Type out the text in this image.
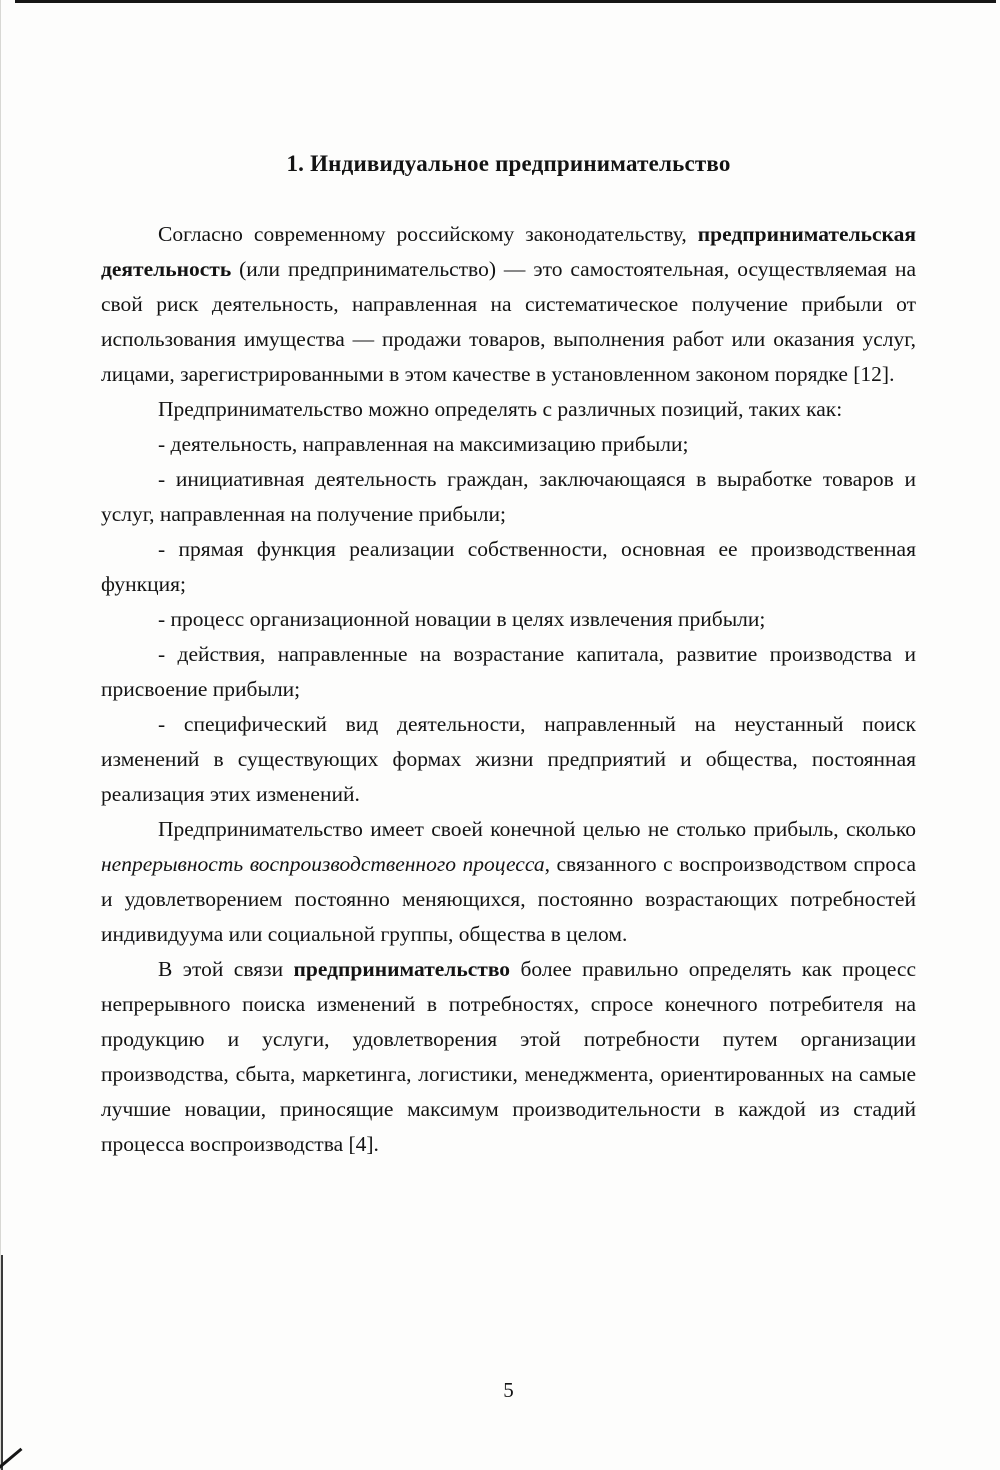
1. Индивидуальное предпринимательство

Согласно современному российскому законодательству, предпринимательская деятельность (или предпринимательство) — это самостоятельная, осуществляемая на свой риск деятельность, направленная на систематическое получение прибыли от использования имущества — продажи товаров, выполнения работ или оказания услуг, лицами, зарегистрированными в этом качестве в установленном законом порядке [12].

Предпринимательство можно определять с различных позиций, таких как:

- деятельность, направленная на максимизацию прибыли;

- инициативная деятельность граждан, заключающаяся в выработке товаров и услуг, направленная на получение прибыли;

- прямая функция реализации собственности, основная ее производственная функция;

- процесс организационной новации в целях извлечения прибыли;

- действия, направленные на возрастание капитала, развитие производства и присвоение прибыли;

- специфический вид деятельности, направленный на неустанный поиск изменений в существующих формах жизни предприятий и общества, постоянная реализация этих изменений.

Предпринимательство имеет своей конечной целью не столько прибыль, сколько непрерывность воспроизводственного процесса, связанного с воспроизводством спроса и удовлетворением постоянно меняющихся, постоянно возрастающих потребностей индивидуума или социальной группы, общества в целом.

В этой связи предпринимательство более правильно определять как процесс непрерывного поиска изменений в потребностях, спросе конечного потребителя на продукцию и услуги, удовлетворения этой потребности путем организации производства, сбыта, маркетинга, логистики, менеджмента, ориентированных на самые лучшие новации, приносящие максимум производительности в каждой из стадий процесса воспроизводства [4].

5
